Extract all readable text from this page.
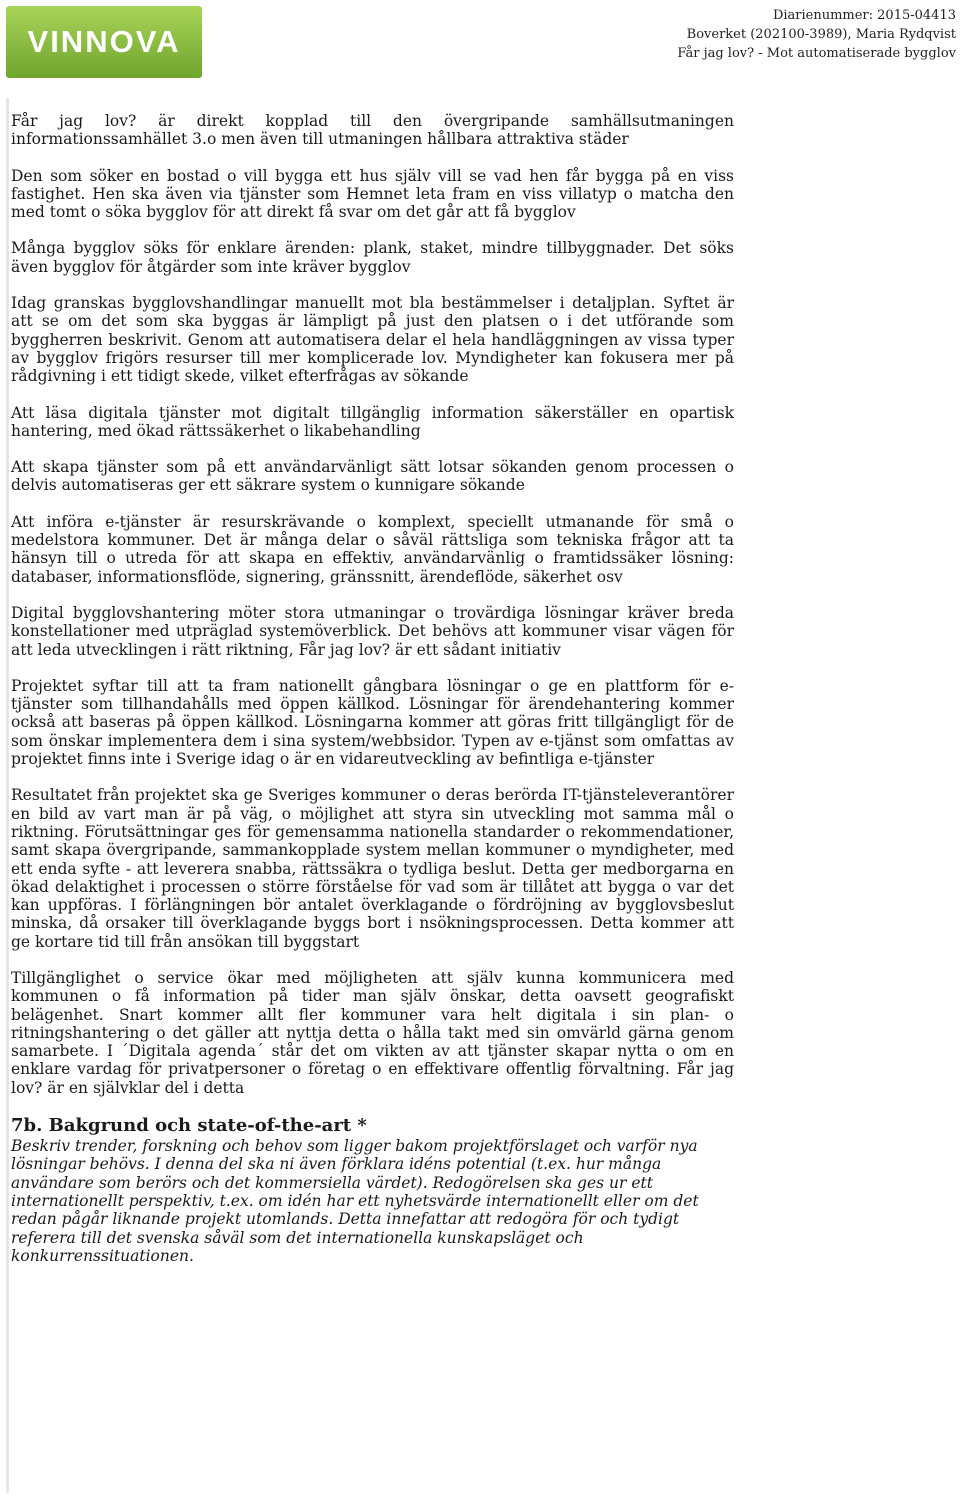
VINNOVA
Diarienummer: 2015-04413
Boverket (202100-3989), Maria Rydqvist
Får jag lov? - Mot automatiserade bygglov

Får jag lov? är direkt kopplad till den övergripande samhällsutmaningen informationssamhället 3.o men även till utmaningen hållbara attraktiva städer

Den som söker en bostad o vill bygga ett hus själv vill se vad hen får bygga på en viss fastighet. Hen ska även via tjänster som Hemnet leta fram en viss villatyp o matcha den med tomt o söka bygglov för att direkt få svar om det går att få bygglov

Många bygglov söks för enklare ärenden: plank, staket, mindre tillbyggnader. Det söks även bygglov för åtgärder som inte kräver bygglov

Idag granskas bygglovshandlingar manuellt mot bla bestämmelser i detaljplan. Syftet är att se om det som ska byggas är lämpligt på just den platsen o i det utförande som byggherren beskrivit. Genom att automatisera delar el hela handläggningen av vissa typer av bygglov frigörs resurser till mer komplicerade lov. Myndigheter kan fokusera mer på rådgivning i ett tidigt skede, vilket efterfrågas av sökande

Att läsa digitala tjänster mot digitalt tillgänglig information säkerställer en opartisk hantering, med ökad rättssäkerhet o likabehandling

Att skapa tjänster som på ett användarvänligt sätt lotsar sökanden genom processen o delvis automatiseras ger ett säkrare system o kunnigare sökande

Att införa e-tjänster är resurskrävande o komplext, speciellt utmanande för små o medelstora kommuner. Det är många delar o såväl rättsliga som tekniska frågor att ta hänsyn till o utreda för att skapa en effektiv, användarvänlig o framtidssäker lösning: databaser, informationsflöde, signering, gränssnitt, ärendeflöde, säkerhet osv

Digital bygglovshantering möter stora utmaningar o trovärdiga lösningar kräver breda konstellationer med utpräglad systemöverblick. Det behövs att kommuner visar vägen för att leda utvecklingen i rätt riktning, Får jag lov? är ett sådant initiativ

Projektet syftar till att ta fram nationellt gångbara lösningar o ge en plattform för e-tjänster som tillhandahålls med öppen källkod. Lösningar för ärendehantering kommer också att baseras på öppen källkod. Lösningarna kommer att göras fritt tillgängligt för de som önskar implementera dem i sina system/webbsidor. Typen av e-tjänst som omfattas av projektet finns inte i Sverige idag o är en vidareutveckling av befintliga e-tjänster

Resultatet från projektet ska ge Sveriges kommuner o deras berörda IT-tjänsteleverantörer en bild av vart man är på väg, o möjlighet att styra sin utveckling mot samma mål o riktning. Förutsättningar ges för gemensamma nationella standarder o rekommendationer, samt skapa övergripande, sammankopplade system mellan kommuner o myndigheter, med ett enda syfte - att leverera snabba, rättssäkra o tydliga beslut. Detta ger medborgarna en ökad delaktighet i processen o större förståelse för vad som är tillåtet att bygga o var det kan uppföras. I förlängningen bör antalet överklagande o fördröjning av bygglovsbeslut minska, då orsaker till överklagande byggs bort i nsökningsprocessen. Detta kommer att ge kortare tid till från ansökan till byggstart

Tillgänglighet o service ökar med möjligheten att själv kunna kommunicera med kommunen o få information på tider man själv önskar, detta oavsett geografiskt belägenhet. Snart kommer allt fler kommuner vara helt digitala i sin plan- o ritningshantering o det gäller att nyttja detta o hålla takt med sin omvärld gärna genom samarbete. I ´Digitala agenda´ står det om vikten av att tjänster skapar nytta o om en enklare vardag för privatpersoner o företag o en effektivare offentlig förvaltning. Får jag lov? är en självklar del i detta

7b. Bakgrund och state-of-the-art *

Beskriv trender, forskning och behov som ligger bakom projektförslaget och varför nya lösningar behövs. I denna del ska ni även förklara idéns potential (t.ex. hur många användare som berörs och det kommersiella värdet). Redogörelsen ska ges ur ett internationellt perspektiv, t.ex. om idén har ett nyhetsvärde internationellt eller om det redan pågår liknande projekt utomlands. Detta innefattar att redogöra för och tydigt referera till det svenska såväl som det internationella kunskapsläget och konkurrenssituationen.
